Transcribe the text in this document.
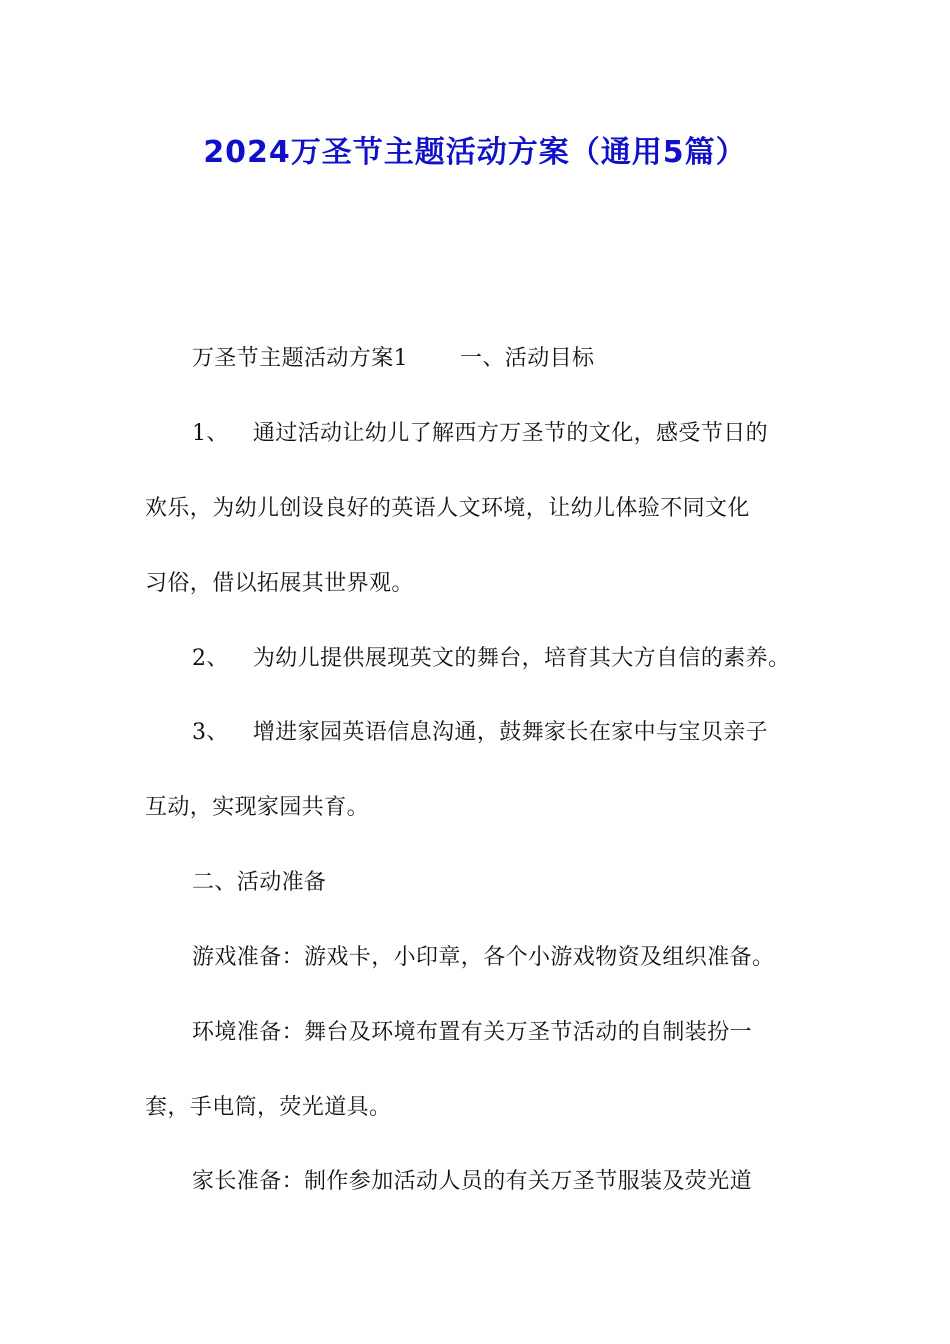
2024万圣节主题活动方案（通用5篇）
万圣节主题活动方案1 一、活动目标
1、 通过活动让幼儿了解西方万圣节的文化，感受节日的
欢乐，为幼儿创设良好的英语人文环境，让幼儿体验不同文化
习俗，借以拓展其世界观。
2、 为幼儿提供展现英文的舞台，培育其大方自信的素养。
3、 增进家园英语信息沟通，鼓舞家长在家中与宝贝亲子
互动，实现家园共育。
二、活动准备
游戏准备：游戏卡，小印章，各个小游戏物资及组织准备。
环境准备：舞台及环境布置有关万圣节活动的自制装扮一
套，手电筒，荧光道具。
家长准备：制作参加活动人员的有关万圣节服装及荧光道
